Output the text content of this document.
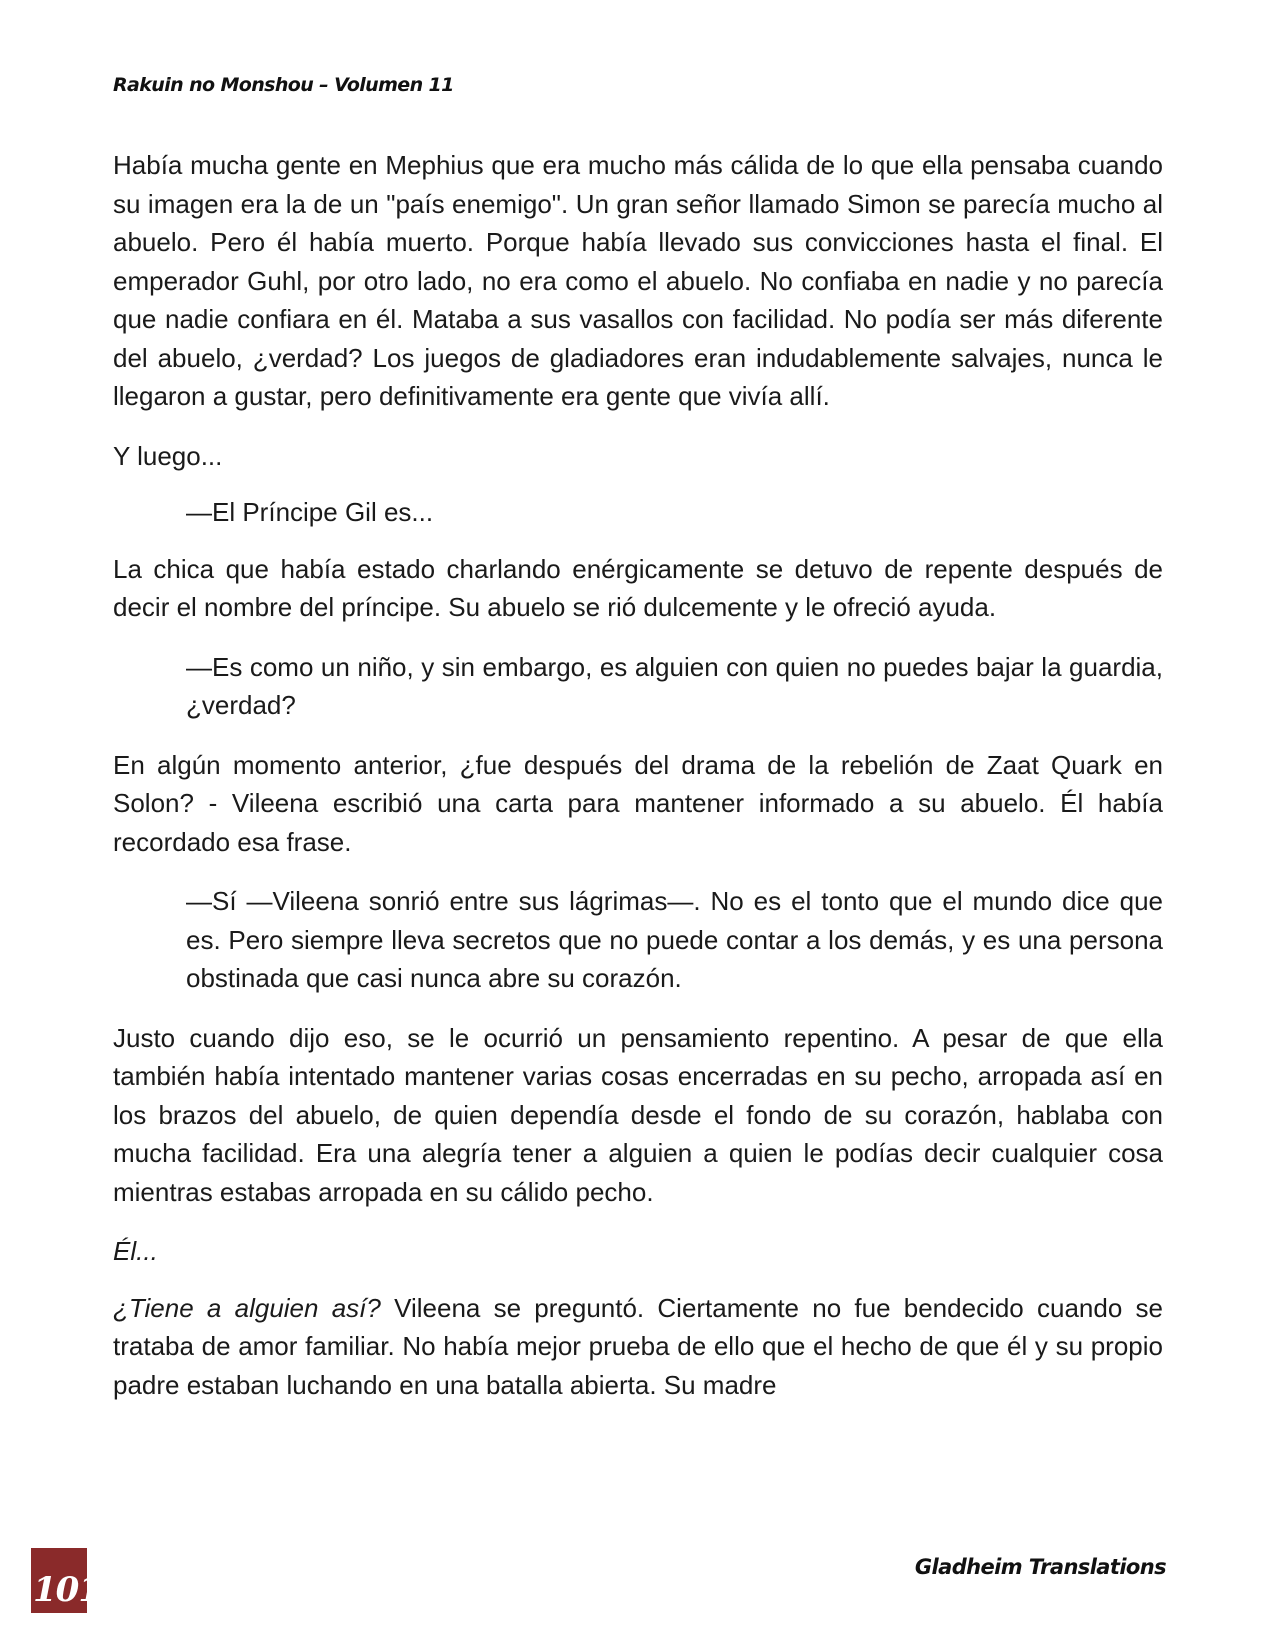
Rakuin no Monshou – Volumen 11

Había mucha gente en Mephius que era mucho más cálida de lo que ella pensaba cuando su imagen era la de un "país enemigo". Un gran señor llamado Simon se parecía mucho al abuelo. Pero él había muerto. Porque había llevado sus convicciones hasta el final. El emperador Guhl, por otro lado, no era como el abuelo. No confiaba en nadie y no parecía que nadie confiara en él. Mataba a sus vasallos con facilidad. No podía ser más diferente del abuelo, ¿verdad? Los juegos de gladiadores eran indudablemente salvajes, nunca le llegaron a gustar, pero definitivamente era gente que vivía allí.

Y luego...

—El Príncipe Gil es...

La chica que había estado charlando enérgicamente se detuvo de repente después de decir el nombre del príncipe. Su abuelo se rió dulcemente y le ofreció ayuda.

—Es como un niño, y sin embargo, es alguien con quien no puedes bajar la guardia, ¿verdad?

En algún momento anterior, ¿fue después del drama de la rebelión de Zaat Quark en Solon? - Vileena escribió una carta para mantener informado a su abuelo. Él había recordado esa frase.

—Sí —Vileena sonrió entre sus lágrimas—. No es el tonto que el mundo dice que es. Pero siempre lleva secretos que no puede contar a los demás, y es una persona obstinada que casi nunca abre su corazón.

Justo cuando dijo eso, se le ocurrió un pensamiento repentino. A pesar de que ella también había intentado mantener varias cosas encerradas en su pecho, arropada así en los brazos del abuelo, de quien dependía desde el fondo de su corazón, hablaba con mucha facilidad. Era una alegría tener a alguien a quien le podías decir cualquier cosa mientras estabas arropada en su cálido pecho.

Él...

¿Tiene a alguien así? Vileena se preguntó. Ciertamente no fue bendecido cuando se trataba de amor familiar. No había mejor prueba de ello que el hecho de que él y su propio padre estaban luchando en una batalla abierta. Su madre

101
Gladheim Translations
